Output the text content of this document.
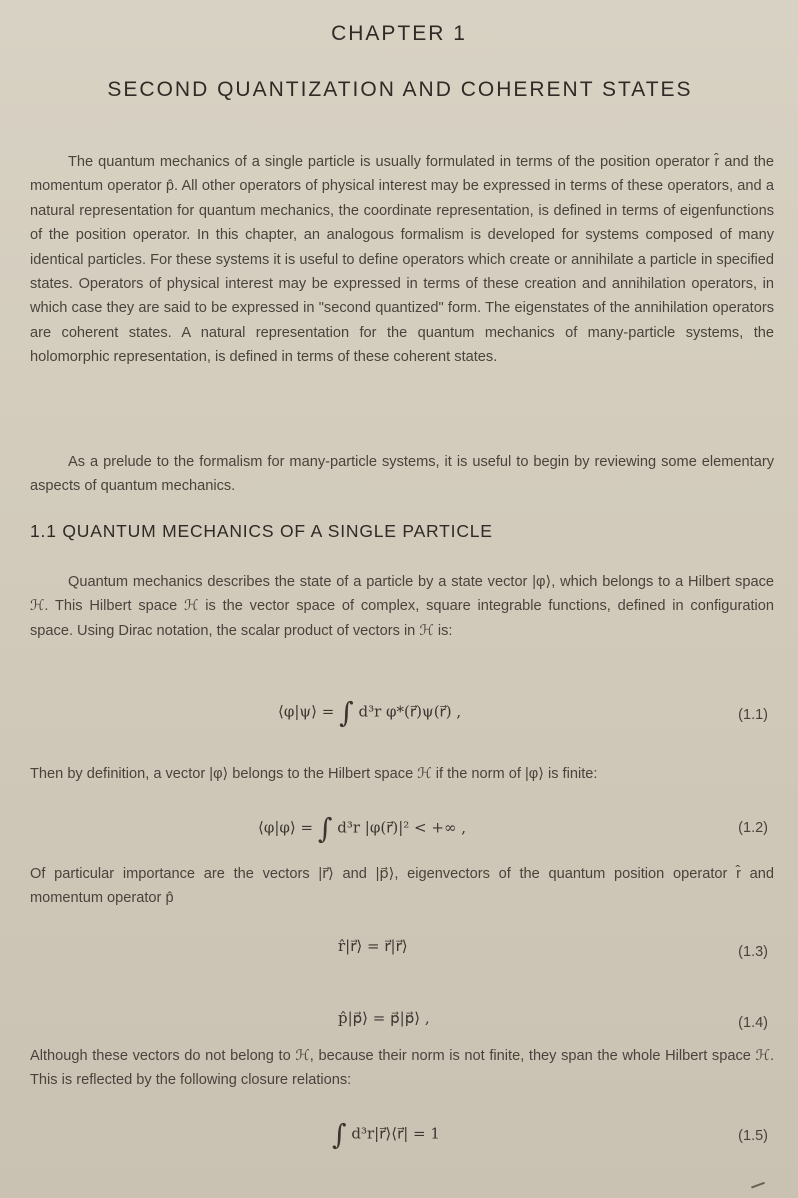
CHAPTER 1
SECOND QUANTIZATION AND COHERENT STATES
The quantum mechanics of a single particle is usually formulated in terms of the position operator r̂ and the momentum operator p̂. All other operators of physical interest may be expressed in terms of these operators, and a natural representation for quantum mechanics, the coordinate representation, is defined in terms of eigenfunctions of the position operator. In this chapter, an analogous formalism is developed for systems composed of many identical particles. For these systems it is useful to define operators which create or annihilate a particle in specified states. Operators of physical interest may be expressed in terms of these creation and annihilation operators, in which case they are said to be expressed in "second quantized" form. The eigenstates of the annihilation operators are coherent states. A natural representation for the quantum mechanics of many-particle systems, the holomorphic representation, is defined in terms of these coherent states.
As a prelude to the formalism for many-particle systems, it is useful to begin by reviewing some elementary aspects of quantum mechanics.
1.1 QUANTUM MECHANICS OF A SINGLE PARTICLE
Quantum mechanics describes the state of a particle by a state vector |φ⟩, which belongs to a Hilbert space ℋ. This Hilbert space ℋ is the vector space of complex, square integrable functions, defined in configuration space. Using Dirac notation, the scalar product of vectors in ℋ is:
⟨φ|ψ⟩ = ∫ d³r φ*(r⃗)ψ(r⃗) ,	(1.1)
Then by definition, a vector |φ⟩ belongs to the Hilbert space ℋ if the norm of |φ⟩ is finite:
⟨φ|φ⟩ = ∫ d³r |φ(r⃗)|² < +∞ ,	(1.2)
Of particular importance are the vectors |r⃗⟩ and |p⃗⟩, eigenvectors of the quantum position operator r̂ and momentum operator p̂
r̂|r⃗⟩ = r⃗|r⃗⟩	(1.3)
p̂|p⃗⟩ = p⃗|p⃗⟩ ,	(1.4)
Although these vectors do not belong to ℋ, because their norm is not finite, they span the whole Hilbert space ℋ. This is reflected by the following closure relations:
∫ d³r|r⃗⟩⟨r⃗| = 1	(1.5)
